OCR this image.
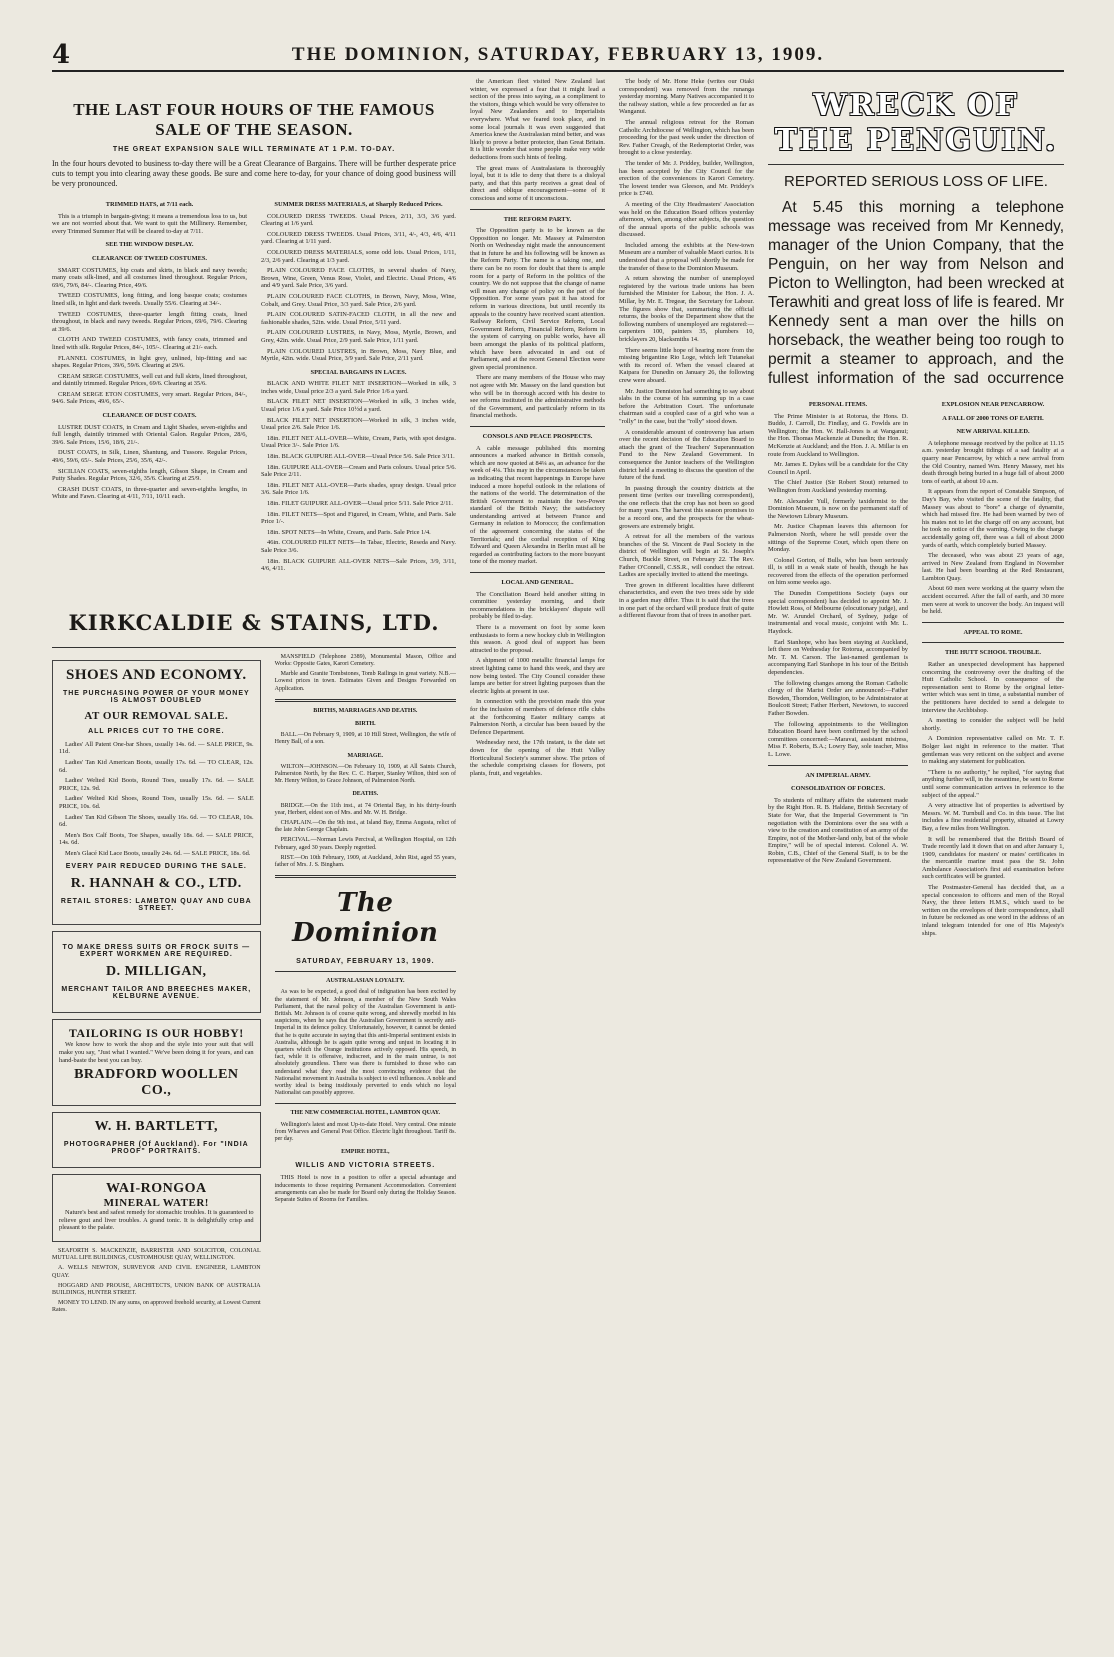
4	THE DOMINION, SATURDAY, FEBRUARY 13, 1909.
THE LAST FOUR HOURS OF THE FAMOUS SALE OF THE SEASON.
THE GREAT EXPANSION SALE WILL TERMINATE AT 1 P.M. TO-DAY.
In the four hours devoted to business to-day there will be a Great Clearance of Bargains. There will be further desperate price cuts to tempt you into clearing away these goods. Be sure and come here to-day, for your chance of doing good business will be very pronounced.
TRIMMED HATS, at 7/11 each.

This is a triumph in bargain-giving; it means a tremendous loss to us, but we are not worried about that. We want to quit the Millinery. Remember, every Trimmed Summer Hat will be cleared to-day at 7/11.

SEE THE WINDOW DISPLAY.
CLEARANCE OF TWEED COSTUMES.

SMART COSTUMES, hip coats and skirts, in black and navy tweeds; many coats silk-lined, and all costumes lined throughout. Regular Prices, 69/6, 79/6, 84/-. Clearing Price, 49/6.

TWEED COSTUMES, long fitting, and long basque coats; costumes lined silk, in light and dark tweeds. Usually 55/6. Clearing at 34/-.

TWEED COSTUMES, three-quarter length fitting coats, lined throughout, in black and navy tweeds. Regular Prices, 69/6, 79/6. Clearing at 39/6.

CLOTH AND TWEED COSTUMES, with fancy coats, trimmed and lined with silk. Regular Prices, 84/-, 105/-. Clearing at 21/- each.

FLANNEL COSTUMES, in light grey, unlined, hip-fitting and sac shapes. Regular Prices, 39/6, 59/6. Clearing at 29/6.

CREAM SERGE COSTUMES, well cut and full skirts, lined throughout, and daintily trimmed. Regular Prices, 69/6. Clearing at 35/6.

CREAM SERGE ETON COSTUMES, very smart. Regular Prices, 84/-, 94/6. Sale Prices, 49/6, 65/-.

CLEARANCE OF DUST COATS.

LUSTRE DUST COATS, in Cream and Light Shades, seven-eighths and full length, daintily trimmed with Oriental Galon. Regular Prices, 28/6, 39/6. Sale Prices, 15/6, 18/6, 21/-.

DUST COATS, in Silk, Linen, Shantung, and Tussore. Regular Prices, 49/6, 59/6, 65/-. Sale Prices, 25/6, 35/6, 42/-.

SICILIAN COATS, seven-eighths length, Gibson Shape, in Cream and Putty Shades. Regular Prices, 32/6, 35/6. Clearing at 25/9.

CRASH DUST COATS, in three-quarter and seven-eighths lengths, in White and Fawn. Clearing at 4/11, 7/11, 10/11 each.

SUMMER DRESS MATERIALS, at Sharply Reduced Prices.

COLOURED DRESS TWEEDS. Usual Prices, 2/11, 3/3, 3/6 yard. Clearing at 1/6 yard.

COLOURED DRESS TWEEDS. Usual Prices, 3/11, 4/-, 4/3, 4/6, 4/11 yard. Clearing at 1/11 yard.

COLOURED DRESS MATERIALS, some odd lots. Usual Prices, 1/11, 2/3, 2/6 yard. Clearing at 1/3 yard.

PLAIN COLOURED FACE CLOTHS, in several shades of Navy, Brown, Wine, Green, Venus Rose, Violet, and Electric. Usual Prices, 4/6 and 4/9 yard. Sale Price, 3/6 yard.

PLAIN COLOURED FACE CLOTHS, in Brown, Navy, Moss, Wine, Cobalt, and Grey. Usual Price, 3/3 yard. Sale Price, 2/6 yard.

PLAIN COLOURED SATIN-FACED CLOTH, in all the new and fashionable shades, 52in. wide. Usual Price, 5/11 yard.

PLAIN COLOURED LUSTRES, in Navy, Moss, Myrtle, Brown, and Grey, 42in. wide. Usual Price, 2/9 yard. Sale Price, 1/11 yard.

PLAIN COLOURED LUSTRES, in Brown, Moss, Navy Blue, and Myrtle, 42in. wide. Usual Price, 3/9 yard. Sale Price, 2/11 yard.

SPECIAL BARGAINS IN LACES.

BLACK AND WHITE FILET NET INSERTION—Worked in silk, 3 inches wide, Usual price 2/3 a yard. Sale Price 1/6 a yard.

BLACK FILET NET INSERTION—Worked in silk, 3 inches wide, Usual price 1/6 a yard. Sale Price 10½d a yard.

BLACK FILET NET INSERTION—Worked in silk, 3 inches wide, Usual price 2/6. Sale Price 1/6.

18in. FILET NET ALL-OVER—White, Cream, Paris, with spot designs. Usual Price 3/-. Sale Price 1/6.

18in. BLACK GUIPURE ALL-OVER—Usual Price 5/6. Sale Price 3/11.

18in. GUIPURE ALL-OVER—Cream and Paris colours. Usual price 5/6. Sale Price 2/11.

18in. FILET NET ALL-OVER—Paris shades, spray design. Usual price 3/6. Sale Price 1/6.

18in. FILET GUIPURE ALL-OVER—Usual price 5/11. Sale Price 2/11.

18in. FILET NETS—Spot and Figured, in Cream, White, and Paris. Sale Price 1/-.

18in. SPOT NETS—In White, Cream, and Paris. Sale Price 1/4.

46in. COLOURED FILET NETS—In Tabac, Electric, Reseda and Navy. Sale Price 3/6.

18in. BLACK GUIPURE ALL-OVER NETS—Sale Prices, 3/9, 3/11, 4/6, 4/11.

KIRKCALDIE & STAINS, LTD.
SHOES AND ECONOMY.
THE PURCHASING POWER OF YOUR MONEY IS ALMOST DOUBLED
AT OUR REMOVAL SALE.
ALL PRICES CUT TO THE CORE.

Ladies' All Patent One-bar Shoes, usually 14s. 6d. — SALE PRICE, 9s. 11d.

Ladies' Tan Kid American Boots, usually 17s. 6d. — TO CLEAR, 12s. 6d.

Ladies' Welted Kid Boots, Round Toes, usually 17s. 6d. — SALE PRICE, 12s. 9d.

Ladies' Welted Kid Shoes, Round Toes, usually 15s. 6d. — SALE PRICE, 10s. 6d.

Ladies' Tan Kid Gibson Tie Shoes, usually 16s. 6d. — TO CLEAR, 10s. 6d.

Men's Box Calf Boots, Toe Shapes, usually 18s. 6d. — SALE PRICE, 14s. 6d.

Men's Glacé Kid Lace Boots, usually 24s. 6d. — SALE PRICE, 18s. 6d.

EVERY PAIR REDUCED DURING THE SALE.
R. HANNAH & CO., LTD.
RETAIL STORES: LAMBTON QUAY AND CUBA STREET.
TO MAKE DRESS SUITS OR FROCK SUITS — EXPERT WORKMEN ARE REQUIRED.
D. MILLIGAN,
MERCHANT TAILOR AND BREECHES MAKER, KELBURNE AVENUE.
TAILORING IS OUR HOBBY!

We know how to work the shop and the style into your suit that will make you say, "Just what I wanted." We've been doing it for years, and can hand-baste the best you can buy.

BRADFORD WOOLLEN CO.,
W. H. BARTLETT,
PHOTOGRAPHER (Of Auckland). For "INDIA PROOF" PORTRAITS.
WAI-RONGOA
MINERAL WATER!

Nature's best and safest remedy for stomachic troubles. It is guaranteed to relieve gout and liver troubles. A grand tonic. It is delightfully crisp and pleasant to the palate.

SEAFORTH S. MACKENZIE, BARRISTER AND SOLICITOR, COLONIAL MUTUAL LIFE BUILDINGS, CUSTOMHOUSE QUAY, WELLINGTON.

A. WELLS NEWTON, SURVEYOR AND CIVIL ENGINEER, LAMBTON QUAY.

HOGGARD AND PROUSE, ARCHITECTS, UNION BANK OF AUSTRALIA BUILDINGS, HUNTER STREET.

MONEY TO LEND. IN any sums, on approved freehold security, at Lowest Current Rates.

MANSFIELD (Telephone 2389), Monumental Mason, Office and Works: Opposite Gates, Karori Cemetery.

Marble and Granite Tombstones, Tomb Railings in great variety. N.B.—Lowest prices in town. Estimates Given and Designs Forwarded on Application.

BIRTHS, MARRIAGES AND DEATHS.
BIRTH.

BALL.—On February 9, 1909, at 10 Hill Street, Wellington, the wife of Henry Ball, of a son.

MARRIAGE.

WILTON—JOHNSON.—On February 10, 1909, at All Saints Church, Palmerston North, by the Rev. C. C. Harper, Stanley Wilton, third son of Mr. Henry Wilton, to Grace Johnson, of Palmerston North.

DEATHS.

BRIDGE.—On the 11th inst., at 74 Oriental Bay, in his thirty-fourth year, Herbert, eldest son of Mrs. and Mr. W. H. Bridge.

CHAPLAIN.—On the 9th inst., at Island Bay, Emma Augusta, relict of the late John George Chaplain.

PERCIVAL.—Norman Lewis Percival, at Wellington Hospital, on 12th February, aged 30 years. Deeply regretted.

RIST.—On 10th February, 1909, at Auckland, John Rist, aged 55 years, father of Mrs. J. S. Bingham.

The Dominion
SATURDAY, FEBRUARY 13, 1909.
AUSTRALASIAN LOYALTY.

As was to be expected, a good deal of indignation has been excited by the statement of Mr. Johnson, a member of the New South Wales Parliament, that the naval policy of the Australian Government is anti-British. Mr. Johnson is of course quite wrong, and shrewdly morbid in his suspicions, when he says that the Australian Government is secretly anti-Imperial in its defence policy. Unfortunately, however, it cannot be denied that he is quite accurate in saying that this anti-Imperial sentiment exists in Australia, although he is again quite wrong and unjust in locating it in quarters which the Orange institutions actively opposed. His speech, in fact, while it is offensive, indiscreet, and in the main untrue, is not absolutely groundless. There was there is furnished to those who can understand what they read the most convincing evidence that the Nationalist movement in Australia is subject to evil influences. A noble and worthy ideal is being insidiously perverted to ends which no loyal Nationalist can possibly approve.

THE NEW COMMERCIAL HOTEL, LAMBTON QUAY.

Wellington's latest and most Up-to-date Hotel. Very central. One minute from Wharves and General Post Office. Electric light throughout. Tariff 8s. per day.

EMPIRE HOTEL,
WILLIS AND VICTORIA STREETS.

THIS Hotel is now in a position to offer a special advantage and inducements to those requiring Permanent Accommodation. Convenient arrangements can also be made for Board only during the Holiday Season. Separate Suites of Rooms for Families.

the American fleet visited New Zealand last winter, we expressed a fear that it might lead a section of the press into saying, as a compliment to the visitors, things which would be very offensive to loyal New Zealanders and to Imperialists everywhere. What we feared took place, and in some local journals it was even suggested that America knew the Australasian mind better, and was likely to prove a better protector, than Great Britain. It is little wonder that some people make very wide deductions from such hints of feeling.

The great mass of Australasians is thoroughly loyal, but it is idle to deny that there is a disloyal party, and that this party receives a great deal of direct and oblique encouragement—some of it conscious and some of it unconscious.

THE REFORM PARTY.

The Opposition party is to be known as the Opposition no longer. Mr. Massey at Palmerston North on Wednesday night made the announcement that in future he and his following will be known as the Reform Party. The name is a taking one, and there can be no room for doubt that there is ample room for a party of Reform in the politics of the country. We do not suppose that the change of name will mean any change of policy on the part of the Opposition. For some years past it has stood for reform in various directions, but until recently its appeals to the country have received scant attention. Railway Reform, Civil Service Reform, Local Government Reform, Financial Reform, Reform in the system of carrying on public works, have all been amongst the planks of its political platform, which have been advocated in and out of Parliament, and at the recent General Election were given special prominence.

There are many members of the House who may not agree with Mr. Massey on the land question but who will be in thorough accord with his desire to see reforms instituted in the administrative methods of the Government, and particularly reform in its financial methods.

CONSOLS AND PEACE PROSPECTS.

A cable message published this morning announces a marked advance in British consols, which are now quoted at 84¼ as, an advance for the week of 4⅛. This may in the circumstances be taken as indicating that recent happenings in Europe have induced a more hopeful outlook in the relations of the nations of the world. The determination of the British Government to maintain the two-Power standard of the British Navy; the satisfactory understanding arrived at between France and Germany in relation to Morocco; the confirmation of the agreement concerning the status of the Territorials; and the cordial reception of King Edward and Queen Alexandra in Berlin must all be regarded as contributing factors to the more buoyant tone of the money market.

LOCAL AND GENERAL.

The Conciliation Board held another sitting in committee yesterday morning, and their recommendations in the bricklayers' dispute will probably be filed to-day.

There is a movement on foot by some keen enthusiasts to form a new hockey club in Wellington this season. A good deal of support has been attracted to the proposal.

A shipment of 1000 metallic financial lamps for street lighting came to hand this week, and they are now being tested. The City Council consider these lamps are better for street lighting purposes than the electric lights at present in use.

In connection with the provision made this year for the inclusion of members of defence rifle clubs at the forthcoming Easter military camps at Palmerston North, a circular has been issued by the Defence Department.

Wednesday next, the 17th instant, is the date set down for the opening of the Hutt Valley Horticultural Society's summer show. The prizes of the schedule comprising classes for flowers, pot plants, fruit, and vegetables.

The body of Mr. Hone Heke (writes our Otaki correspondent) was removed from the runanga yesterday morning. Many Natives accompanied it to the railway station, while a few proceeded as far as Wanganui.

The annual religious retreat for the Roman Catholic Archdiocese of Wellington, which has been proceeding for the past week under the direction of Rev. Father Creagh, of the Redemptorist Order, was brought to a close yesterday.

The tender of Mr. J. Priddey, builder, Wellington, has been accepted by the City Council for the erection of the conveniences in Karori Cemetery. The lowest tender was Gleeson, and Mr. Priddey's price is £740.

A meeting of the City Headmasters' Association was held on the Education Board offices yesterday afternoon, when, among other subjects, the question of the annual sports of the public schools was discussed.

Included among the exhibits at the New-town Museum are a number of valuable Maori curios. It is understood that a proposal will shortly be made for the transfer of these to the Dominion Museum.

A return showing the number of unemployed registered by the various trade unions has been furnished the Minister for Labour, the Hon. J. A. Millar, by Mr. E. Tregear, the Secretary for Labour. The figures show that, summarising the official returns, the books of the Department show that the following numbers of unemployed are registered:—carpenters 100, painters 35, plumbers 10, bricklayers 20, blacksmiths 14.

There seems little hope of hearing more from the missing brigantine Rio Loge, which left Tutanekai with its record of. When the vessel cleared at Kaipara for Dunedin on January 26, the following crew were aboard.

Mr. Justice Denniston had something to say about slabs in the course of his summing up in a case before the Arbitration Court. The unfortunate chairman said a coupled case of a girl who was a "rolly" in the case, but the "rolly" stood down.

A considerable amount of controversy has arisen over the recent decision of the Education Board to attach the grant of the Teachers' Superannuation Fund to the New Zealand Government. In consequence the Junior teachers of the Wellington district held a meeting to discuss the question of the future of the fund.

In passing through the country districts at the present time (writes our travelling correspondent), the one reflects that the crop has not been so good for many years. The harvest this season promises to be a record one, and the prospects for the wheat-growers are extremely bright.

A retreat for all the members of the various branches of the St. Vincent de Paul Society in the district of Wellington will begin at St. Joseph's Church, Buckle Street, on February 22. The Rev. Father O'Connell, C.SS.R., will conduct the retreat. Ladies are specially invited to attend the meetings.

Tree grown in different localities have different characteristics, and even the two trees side by side in a garden may differ. Thus it is said that the trees in one part of the orchard will produce fruit of quite a different flavour from that of trees in another part.

WRECK OF THE PENGUIN.
REPORTED SERIOUS LOSS OF LIFE.
At 5.45 this morning a telephone message was received from Mr Kennedy, manager of the Union Company, that the Penguin, on her way from Nelson and Picton to Wellington, had been wrecked at Terawhiti and great loss of life is feared. Mr Kennedy sent a man over the hills on horseback, the weather being too rough to permit a steamer to approach, and the fullest information of the sad occurrence
PERSONAL ITEMS.

The Prime Minister is at Rotorua, the Hons. D. Buddo, J. Carroll, Dr. Findlay, and G. Fowlds are in Wellington; the Hon. W. Hall-Jones is at Wanganui; the Hon. Thomas Mackenzie at Dunedin; the Hon. R. McKenzie at Auckland; and the Hon. J. A. Millar is en route from Auckland to Wellington.

Mr. James E. Dykes will be a candidate for the City Council in April.

The Chief Justice (Sir Robert Stout) returned to Wellington from Auckland yesterday morning.

Mr. Alexander Yull, formerly taxidermist to the Dominion Museum, is now on the permanent staff of the Newtown Library Museum.

Mr. Justice Chapman leaves this afternoon for Palmerston North, where he will preside over the sittings of the Supreme Court, which open there on Monday.

Colonel Gorton, of Bulls, who has been seriously ill, is still in a weak state of health, though he has recovered from the effects of the operation performed on him some weeks ago.

The Dunedin Competitions Society (says our special correspondent) has decided to appoint Mr. J. Howlett Ross, of Melbourne (elocutionary judge), and Mr. W. Arundel Orchard, of Sydney, judge of instrumental and vocal music, conjoint with Mr. L. Haydock.

Earl Stanhope, who has been staying at Auckland, left there on Wednesday for Rotorua, accompanied by Mr. T. M. Carson. The last-named gentleman is accompanying Earl Stanhope in his tour of the British dependencies.

The following changes among the Roman Catholic clergy of the Marist Order are announced:—Father Bowden, Thorndon, Wellington, to be Administrator at Boulcott Street; Father Herbert, Newtown, to succeed Father Bowden.

The following appointments to the Wellington Education Board have been confirmed by the school committees concerned:—Maravai, assistant mistress, Miss F. Roberts, B.A.; Lowry Bay, sole teacher, Miss L. Lowe.

AN IMPERIAL ARMY.
CONSOLIDATION OF FORCES.

To students of military affairs the statement made by the Right Hon. R. B. Haldane, British Secretary of State for War, that the Imperial Government is "in negotiation with the Dominions over the sea with a view to the creation and constitution of an army of the Empire, not of the Mother-land only, but of the whole Empire," will be of special interest. Colonel A. W. Robin, C.B., Chief of the General Staff, is to be the representative of the New Zealand Government.

EXPLOSION NEAR PENCARROW.
A FALL OF 2000 TONS OF EARTH.
NEW ARRIVAL KILLED.

A telephone message received by the police at 11.15 a.m. yesterday brought tidings of a sad fatality at a quarry near Pencarrow, by which a new arrival from the Old Country, named Wm. Henry Massey, met his death through being buried in a huge fall of about 2000 tons of earth, at about 10 a.m.

It appears from the report of Constable Simpson, of Day's Bay, who visited the scene of the fatality, that Massey was about to "bore" a charge of dynamite, which had missed fire. He had been warned by two of his mates not to let the charge off on any account, but he took no notice of the warning. Owing to the charge accidentally going off, there was a fall of about 2000 yards of earth, which completely buried Massey.

The deceased, who was about 23 years of age, arrived in New Zealand from England in November last. He had been boarding at the Red Restaurant, Lambton Quay.

About 60 men were working at the quarry when the accident occurred. After the fall of earth, and 30 more men were at work to uncover the body. An inquest will be held.

APPEAL TO ROME.
THE HUTT SCHOOL TROUBLE.

Rather an unexpected development has happened concerning the controversy over the drafting of the Hutt Catholic School. In consequence of the representation sent to Rome by the original letter-writer which was sent in time, a substantial number of the petitioners have decided to send a delegate to interview the Archbishop.

A meeting to consider the subject will be held shortly.

A Dominion representative called on Mr. T. F. Bolger last night in reference to the matter. That gentleman was very reticent on the subject and averse to making any statement for publication.

"There is no authority," he replied, "for saying that anything further will, in the meantime, be sent to Rome until some communication arrives in reference to the subject of the appeal."

A very attractive list of properties is advertised by Messrs. W. M. Turnbull and Co. in this issue. The list includes a fine residential property, situated at Lowry Bay, a few miles from Wellington.

It will be remembered that the British Board of Trade recently laid it down that on and after January 1, 1909, candidates for masters' or mates' certificates in the mercantile marine must pass the St. John Ambulance Association's first aid examination before such certificates will be granted.

The Postmaster-General has decided that, as a special concession to officers and men of the Royal Navy, the three letters H.M.S., which used to be written on the envelopes of their correspondence, shall in future be reckoned as one word in the address of an inland telegram intended for one of His Majesty's ships.
